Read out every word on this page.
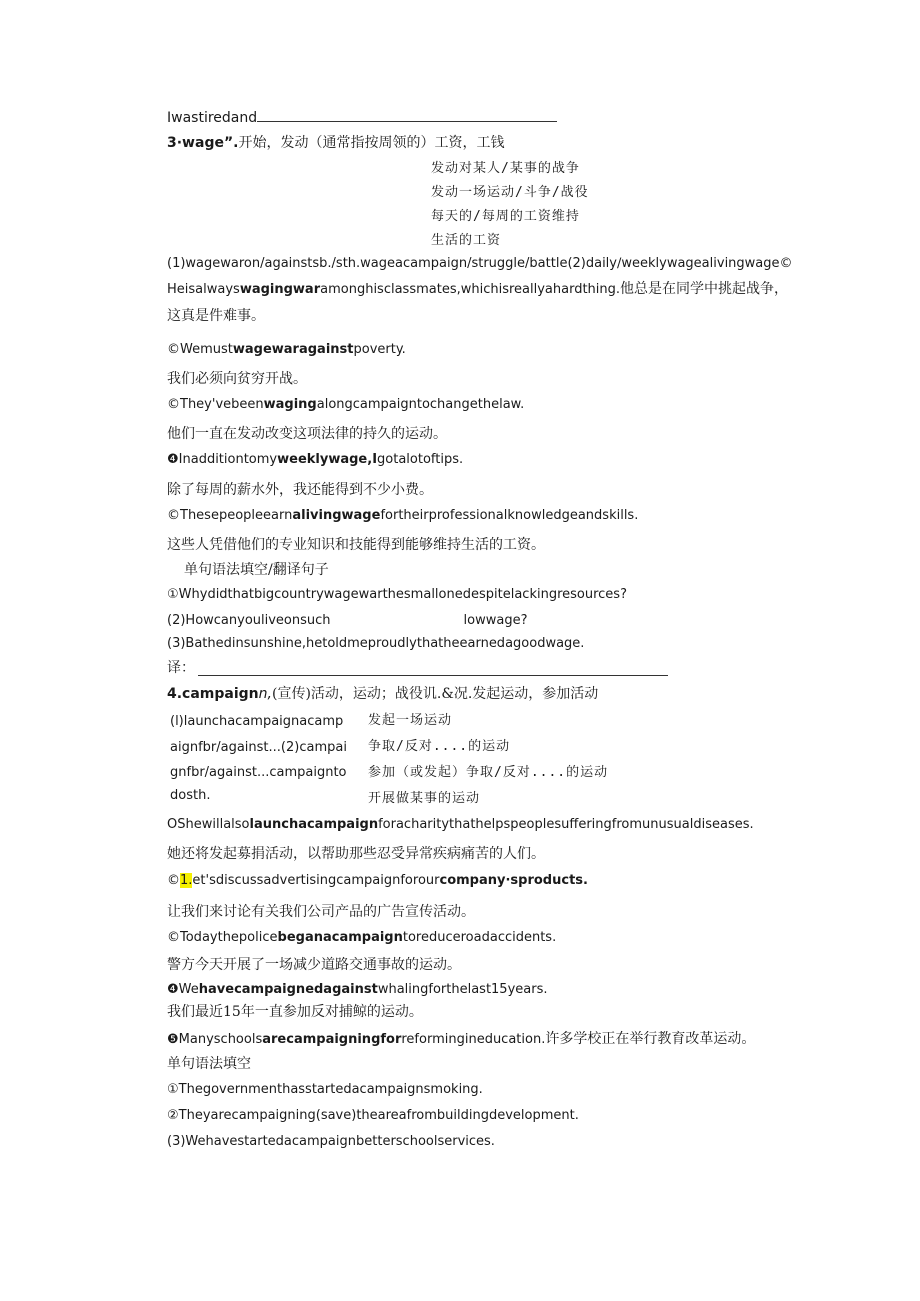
Iwastiredand
3·wage”.开始，发动（通常指按周领的）工资，工钱
发动对某人/某事的战争
发动一场运动/斗争/战役
每天的/每周的工资维持
生活的工资
(1)wagewaron/againstsb./sth.wageacampaign/struggle/battle(2)daily∕weeklywagealivingwage©
Heisalwayswagingwaramonghisclassmates,whichisreallyahardthing.他总是在同学中挑起战争，
这真是件难事。
©Wemustwagewaragainstpoverty.
我们必须向贫穷开战。
©They'vebeenwagingalongcampaigntochangethelaw.
他们一直在发动改变这项法律的持久的运动。
❹Inadditiontomyweeklywage,Igotalotoftips.
除了每周的薪水外，我还能得到不少小费。
©Thesepeopleearnalivingwagefortheirprofessionalknowledgeandskills.
这些人凭借他们的专业知识和技能得到能够维持生活的工资。
单句语法填空/翻译句子
①Whydidthatbigcountrywagewarthesmallonedespitelackingresources?
(2)Howcanyouliveonsuch	lowwage?
(3)Bathedinsunshine,hetoldmeproudlythatheearnedagoodwage.
译：
4.campaignn,(宣传)活动，运动；战役讥.&况.发起运动，参加活动
(l)launchacampaignacamp
aignfbr/against...(2)campai
gnfbr/against...campaignto
dosth.
发起一场运动
争取/反对....的运动
参加（或发起）争取/反对....的运动
开展做某事的运动
OShewillalsolaunchacampaignforacharitythathelpspeoplesufferingfromunusualdiseases.
她还将发起募捐活动，以帮助那些忍受异常疾病痛苦的人们。
©1.et'sdiscussadvertisingcampaignforourcompany·sproducts.
让我们来讨论有关我们公司产品的广告宣传活动。
©Todaythepolicebeganacampaigntoreduceroadaccidents.
警方今天开展了一场减少道路交通事故的运动。
❹Wehavecampaignedagainstwhalingforthelast15years.
我们最近15年一直参加反对捕鲸的运动。
❺Manyschoolsarecampaigningforreformingineducation.许多学校正在举行教育改革运动。
单句语法填空
①Thegovernmenthasstartedacampaignsmoking.
②Theyarecampaigning(save)theareafrombuildingdevelopment.
(3)Wehavestartedacampaignbetterschoolservices.
